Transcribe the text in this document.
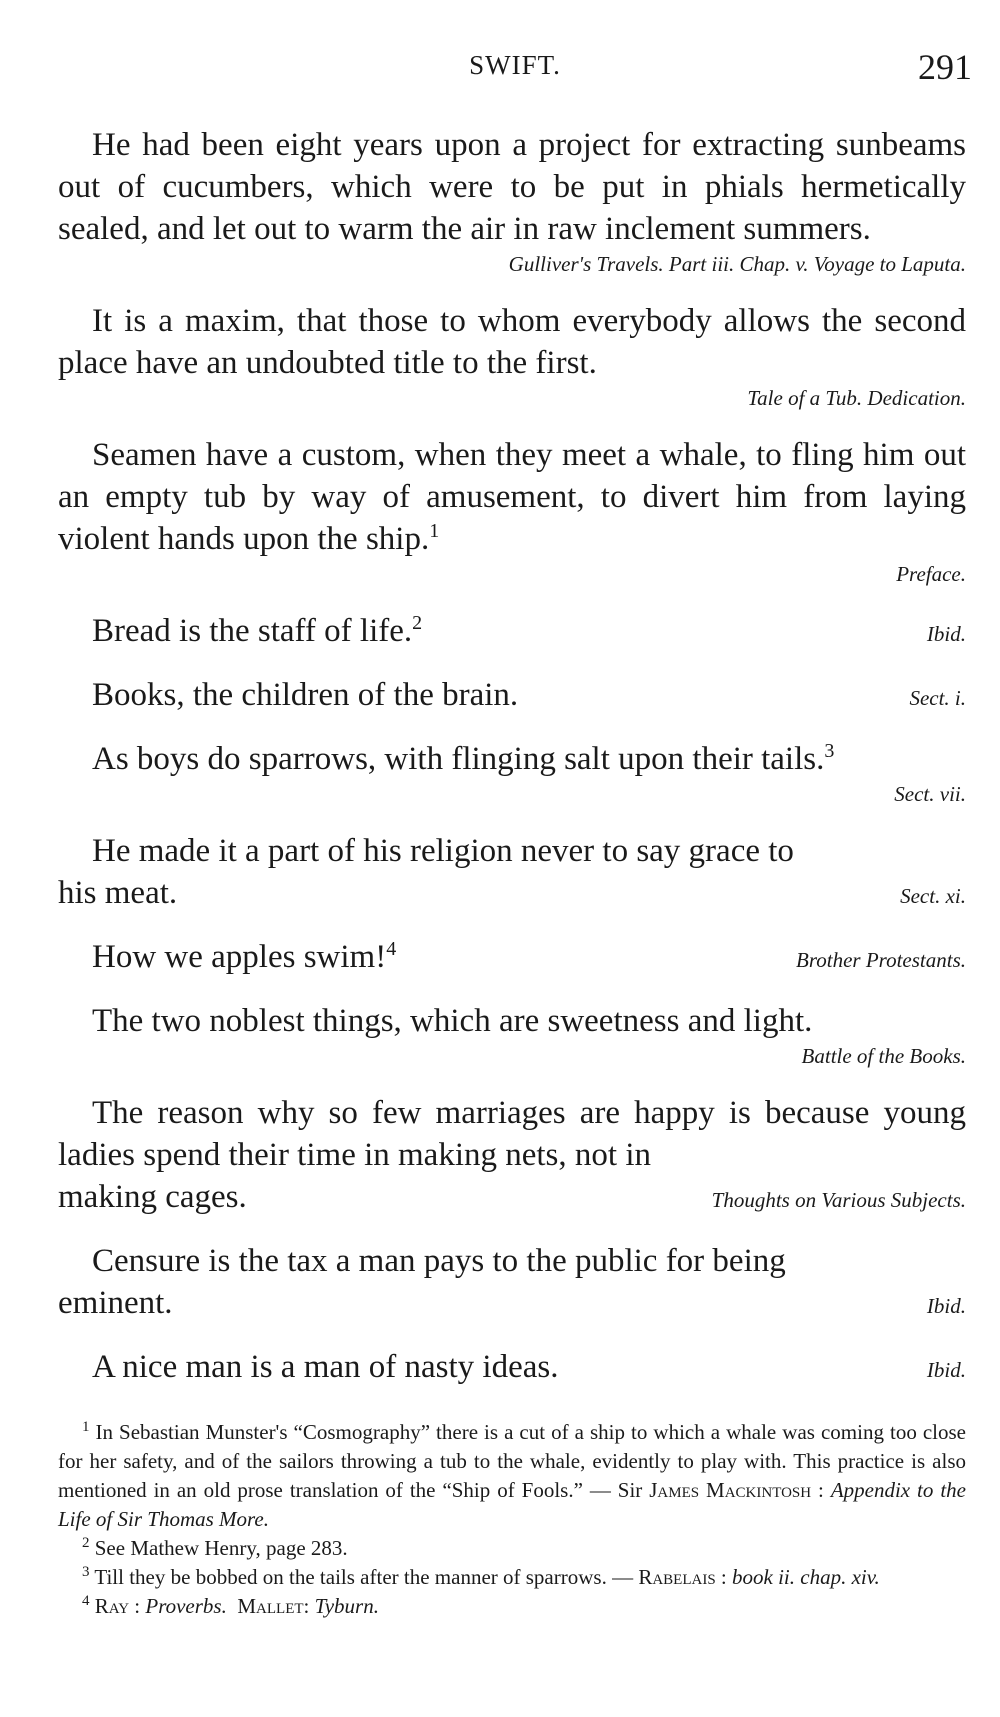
SWIFT.	291

He had been eight years upon a project for extracting sunbeams out of cucumbers, which were to be put in phials hermetically sealed, and let out to warm the air in raw inclement summers.

Gulliver's Travels. Part iii. Chap. v. Voyage to Laputa.

It is a maxim, that those to whom everybody allows the second place have an undoubted title to the first.

Tale of a Tub. Dedication.

Seamen have a custom, when they meet a whale, to fling him out an empty tub by way of amusement, to divert him from laying violent hands upon the ship.$^1$

Preface.

Bread is the staff of life.$^2$	Ibid.

Books, the children of the brain.	Sect. i.

As boys do sparrows, with flinging salt upon their tails.$^3$

Sect. vii.

He made it a part of his religion never to say grace to

his meat.	Sect. xi.

How we apples swim!$^4$	Brother Protestants.

The two noblest things, which are sweetness and light.

Battle of the Books.

The reason why so few marriages are happy is because young ladies spend their time in making nets, not in

making cages.	Thoughts on Various Subjects.

Censure is the tax a man pays to the public for being

eminent.	Ibid.

A nice man is a man of nasty ideas.	Ibid.

$^1$ In Sebastian Munster's “Cosmography” there is a cut of a ship to which a whale was coming too close for her safety, and of the sailors throwing a tub to the whale, evidently to play with. This practice is also mentioned in an old prose translation of the “Ship of Fools.” — Sir James Mackintosh : Appendix to the Life of Sir Thomas More.

$^2$ See Mathew Henry, page 283.

$^3$ Till they be bobbed on the tails after the manner of sparrows. — Rabelais : book ii. chap. xiv.

$^4$ Ray : Proverbs. Mallet: Tyburn.
